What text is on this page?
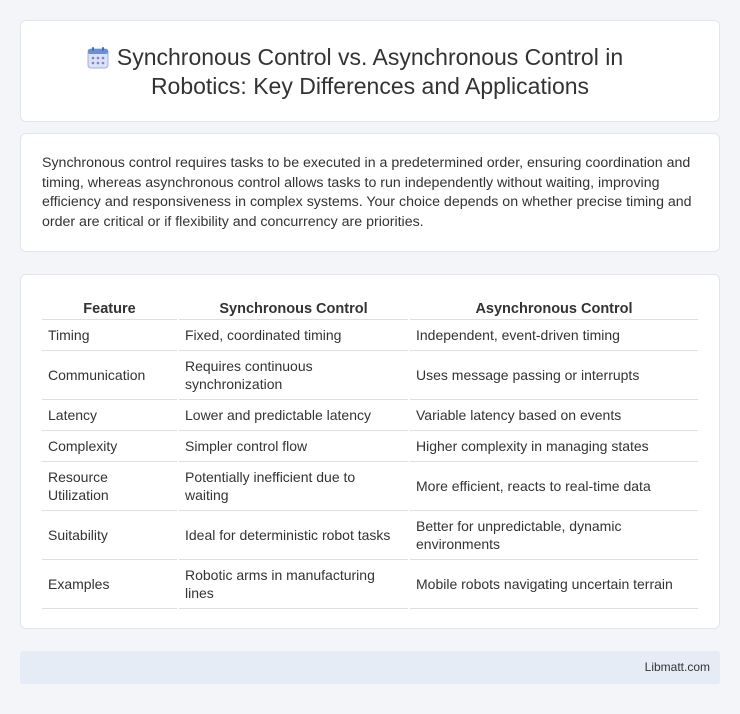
Synchronous Control vs. Asynchronous Control in Robotics: Key Differences and Applications

Synchronous control requires tasks to be executed in a predetermined order, ensuring coordination and timing, whereas asynchronous control allows tasks to run independently without waiting, improving efficiency and responsiveness in complex systems. Your choice depends on whether precise timing and order are critical or if flexibility and concurrency are priorities.

Feature	Synchronous Control	Asynchronous Control
Timing	Fixed, coordinated timing	Independent, event-driven timing
Communication	Requires continuous synchronization	Uses message passing or interrupts
Latency	Lower and predictable latency	Variable latency based on events
Complexity	Simpler control flow	Higher complexity in managing states
Resource Utilization	Potentially inefficient due to waiting	More efficient, reacts to real-time data
Suitability	Ideal for deterministic robot tasks	Better for unpredictable, dynamic environments
Examples	Robotic arms in manufacturing lines	Mobile robots navigating uncertain terrain
Libmatt.com
